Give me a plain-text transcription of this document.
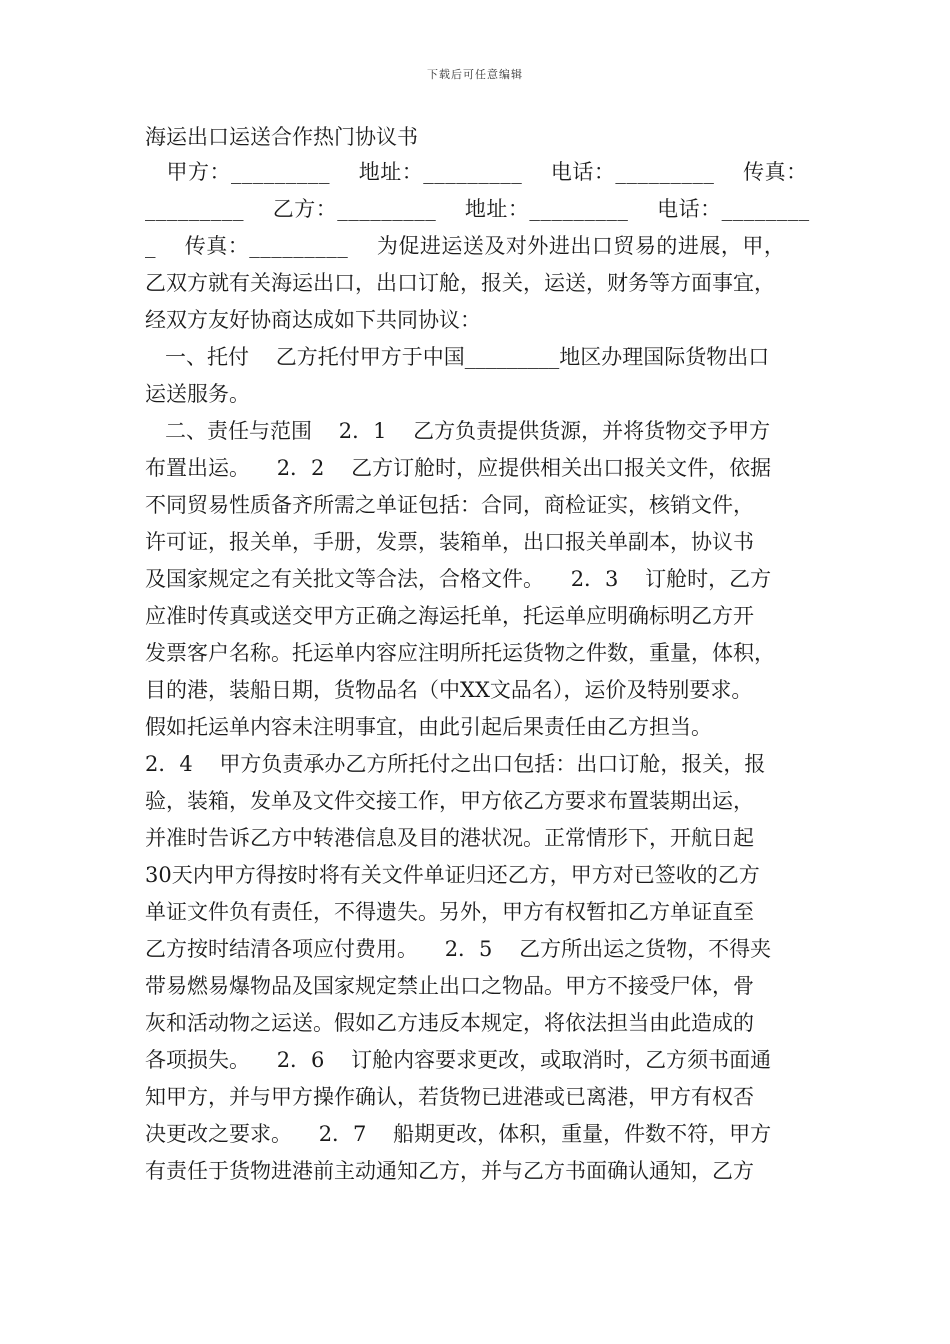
下载后可任意编辑
海运出口运送合作热门协议书
甲方：_________    地址：_________    电话：_________    传真：
_________    乙方：_________    地址：_________    电话：________
_    传真：_________    为促进运送及对外进出口贸易的进展，甲，
乙双方就有关海运出口，出口订舱，报关，运送，财务等方面事宜，
经双方友好协商达成如下共同协议：
一、托付    乙方托付甲方于中国_________地区办理国际货物出口
运送服务。
二、责任与范围    2．1    乙方负责提供货源，并将货物交予甲方
布置出运。    2．2    乙方订舱时，应提供相关出口报关文件，依据
不同贸易性质备齐所需之单证包括：合同，商检证实，核销文件，
许可证，报关单，手册，发票，装箱单，出口报关单副本，协议书
及国家规定之有关批文等合法，合格文件。    2．3    订舱时，乙方
应准时传真或送交甲方正确之海运托单，托运单应明确标明乙方开
发票客户名称。托运单内容应注明所托运货物之件数，重量，体积，
目的港，装船日期，货物品名（中XX文品名），运价及特别要求。
假如托运单内容未注明事宜，由此引起后果责任由乙方担当。
2．4    甲方负责承办乙方所托付之出口包括：出口订舱，报关，报
验，装箱，发单及文件交接工作，甲方依乙方要求布置装期出运，
并准时告诉乙方中转港信息及目的港状况。正常情形下，开航日起
30天内甲方得按时将有关文件单证归还乙方，甲方对已签收的乙方
单证文件负有责任，不得遗失。另外，甲方有权暂扣乙方单证直至
乙方按时结清各项应付费用。    2．5    乙方所出运之货物，不得夹
带易燃易爆物品及国家规定禁止出口之物品。甲方不接受尸体，骨
灰和活动物之运送。假如乙方违反本规定，将依法担当由此造成的
各项损失。    2．6    订舱内容要求更改，或取消时，乙方须书面通
知甲方，并与甲方操作确认，若货物已进港或已离港，甲方有权否
决更改之要求。    2．7    船期更改，体积，重量，件数不符，甲方
有责任于货物进港前主动通知乙方，并与乙方书面确认通知，乙方
